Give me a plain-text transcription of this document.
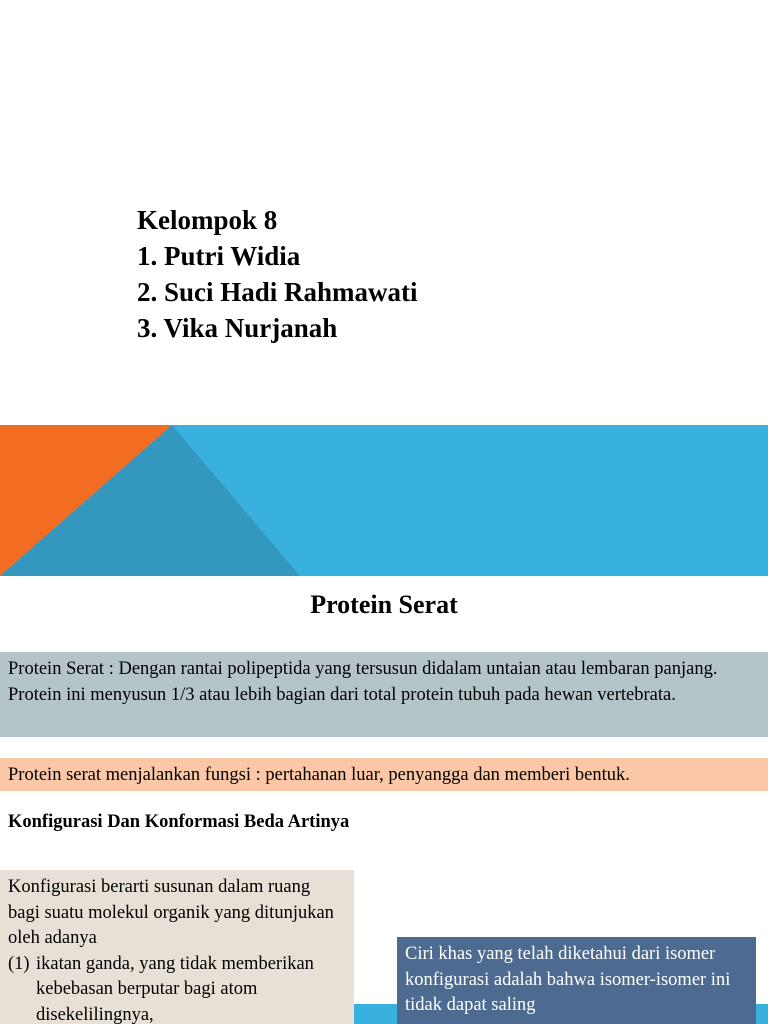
Kelompok 8
1. Putri Widia
2. Suci Hadi Rahmawati
3. Vika Nurjanah
Protein Serat
Protein Serat : Dengan rantai polipeptida yang tersusun didalam untaian atau lembaran panjang. Protein ini menyusun 1/3 atau lebih bagian dari total protein tubuh pada hewan vertebrata.
Protein serat menjalankan fungsi : pertahanan luar, penyangga dan memberi bentuk.
Konfigurasi Dan Konformasi Beda Artinya
Konfigurasi berarti susunan dalam ruang bagi suatu molekul organik yang ditunjukan oleh adanya
(1) ikatan ganda, yang tidak memberikan kebebasan berputar bagi atom disekelilingnya,
Ciri khas yang telah diketahui dari isomer konfigurasi adalah bahwa isomer-isomer ini tidak dapat saling
